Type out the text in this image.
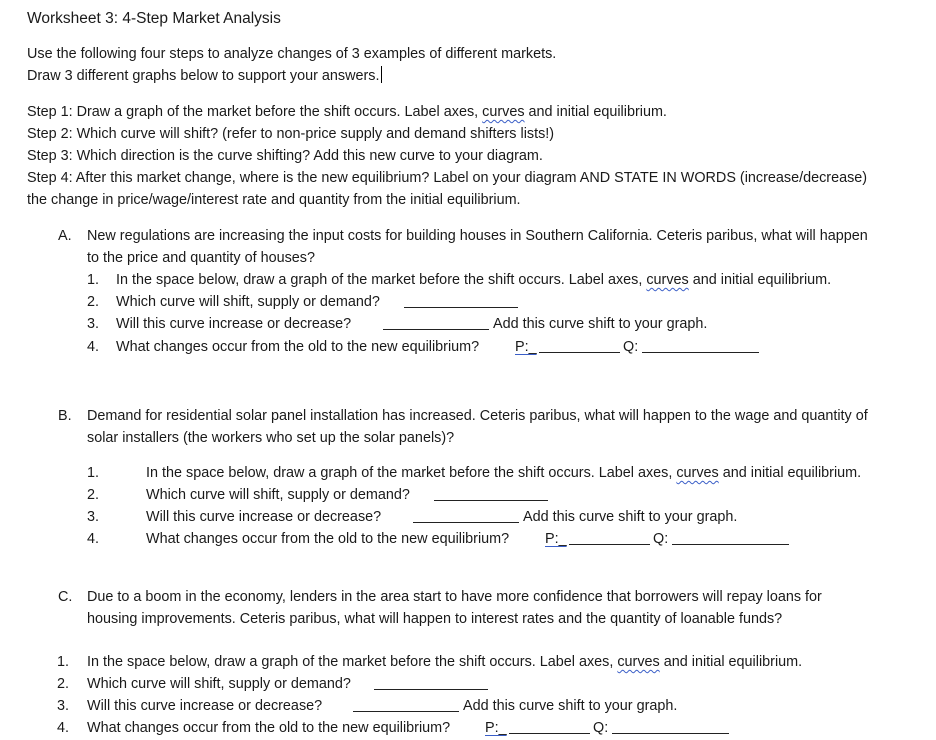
Worksheet 3: 4-Step Market Analysis
Use the following four steps to analyze changes of 3 examples of different markets.
Draw 3 different graphs below to support your answers.
Step 1: Draw a graph of the market before the shift occurs. Label axes, curves and initial equilibrium.
Step 2: Which curve will shift? (refer to non-price supply and demand shifters lists!)
Step 3: Which direction is the curve shifting? Add this new curve to your diagram.
Step 4: After this market change, where is the new equilibrium? Label on your diagram AND STATE IN WORDS (increase/decrease)
the change in price/wage/interest rate and quantity from the initial equilibrium.
A. New regulations are increasing the input costs for building houses in Southern California. Ceteris paribus, what will happen
to the price and quantity of houses?
1. In the space below, draw a graph of the market before the shift occurs. Label axes, curves and initial equilibrium.
2. Which curve will shift, supply or demand?
3. Will this curve increase or decrease?	Add this curve shift to your graph.
4. What changes occur from the old to the new equilibrium? P:_	Q:
B. Demand for residential solar panel installation has increased. Ceteris paribus, what will happen to the wage and quantity of
solar installers (the workers who set up the solar panels)?
1.	In the space below, draw a graph of the market before the shift occurs. Label axes, curves and initial equilibrium.
2.	Which curve will shift, supply or demand?
3.	Will this curve increase or decrease?	Add this curve shift to your graph.
4.	What changes occur from the old to the new equilibrium? P:_	Q:
C. Due to a boom in the economy, lenders in the area start to have more confidence that borrowers will repay loans for
housing improvements. Ceteris paribus, what will happen to interest rates and the quantity of loanable funds?
1. In the space below, draw a graph of the market before the shift occurs. Label axes, curves and initial equilibrium.
2. Which curve will shift, supply or demand?
3. Will this curve increase or decrease?	Add this curve shift to your graph.
4. What changes occur from the old to the new equilibrium? P:_	Q:
